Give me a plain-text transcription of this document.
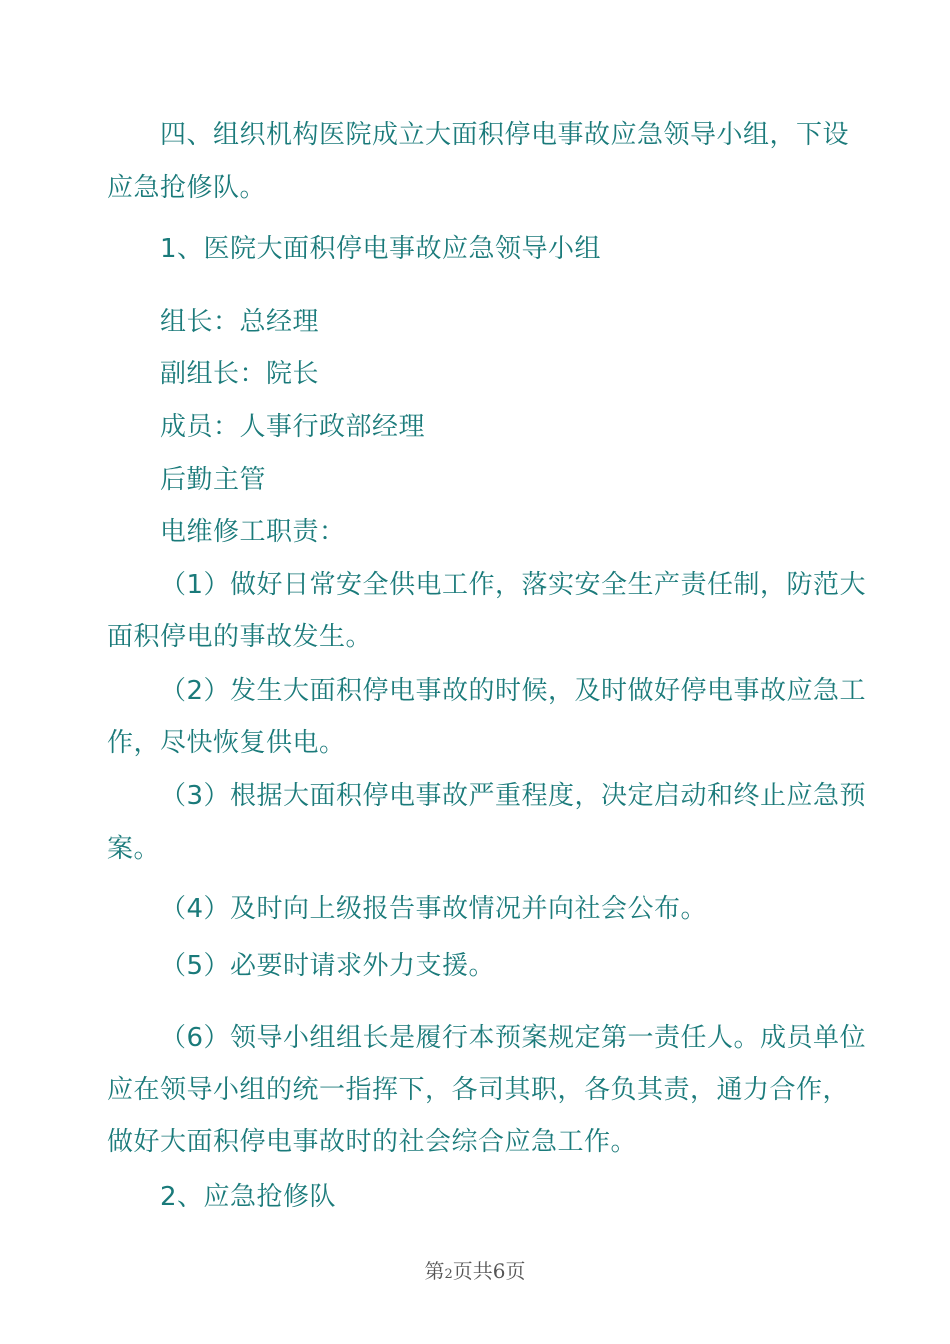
四、组织机构医院成立大面积停电事故应急领导小组，下设
应急抢修队。
1、医院大面积停电事故应急领导小组
组长：总经理
副组长：院长
成员：人事行政部经理
后勤主管
电维修工职责：
（1）做好日常安全供电工作，落实安全生产责任制，防范大
面积停电的事故发生。
（2）发生大面积停电事故的时候，及时做好停电事故应急工
作，尽快恢复供电。
（3）根据大面积停电事故严重程度，决定启动和终止应急预
案。
（4）及时向上级报告事故情况并向社会公布。
（5）必要时请求外力支援。
（6）领导小组组长是履行本预案规定第一责任人。成员单位
应在领导小组的统一指挥下，各司其职，各负其责，通力合作，
做好大面积停电事故时的社会综合应急工作。
2、应急抢修队
第2页共6页
